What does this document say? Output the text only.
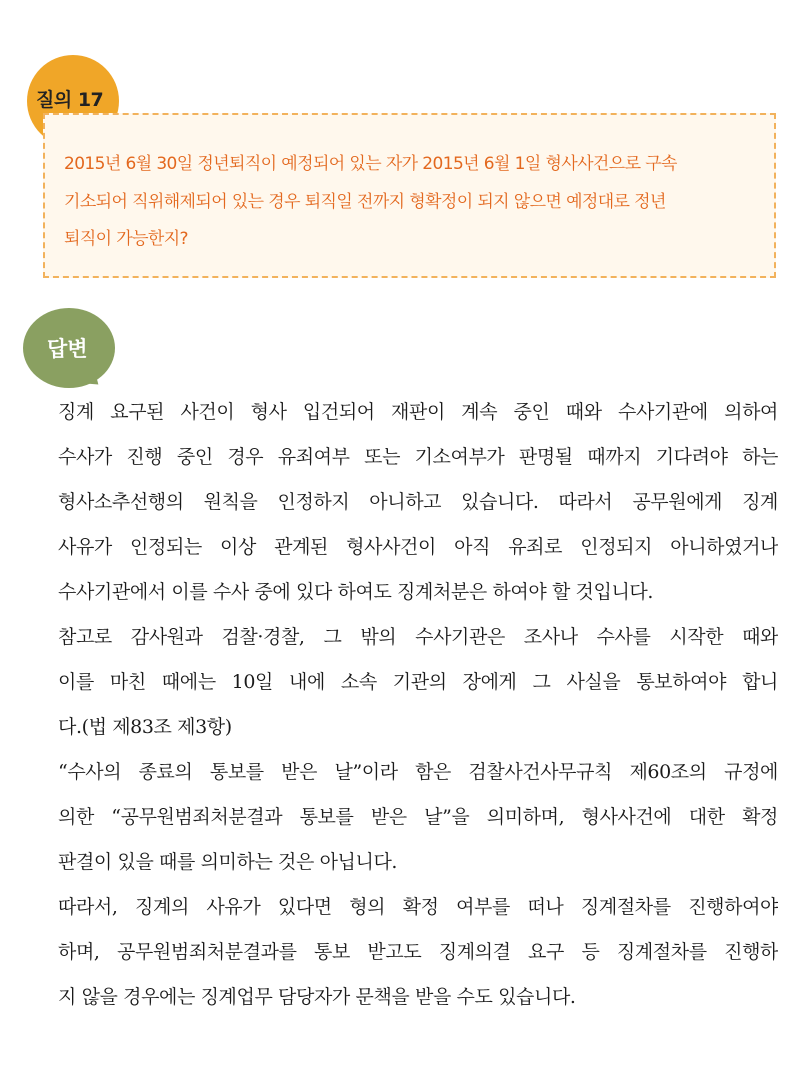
질의 17
2015년 6월 30일 정년퇴직이 예정되어 있는 자가 2015년 6월 1일 형사사건으로 구속
기소되어 직위해제되어 있는 경우 퇴직일 전까지 형확정이 되지 않으면 예정대로 정년
퇴직이 가능한지?
답변
징계 요구된 사건이 형사 입건되어 재판이 계속 중인 때와 수사기관에 의하여
수사가 진행 중인 경우 유죄여부 또는 기소여부가 판명될 때까지 기다려야 하는
형사소추선행의 원칙을 인정하지 아니하고 있습니다. 따라서 공무원에게 징계
사유가 인정되는 이상 관계된 형사사건이 아직 유죄로 인정되지 아니하였거나
수사기관에서 이를 수사 중에 있다 하여도 징계처분은 하여야 할 것입니다.
참고로 감사원과 검찰·경찰, 그 밖의 수사기관은 조사나 수사를 시작한 때와
이를 마친 때에는 10일 내에 소속 기관의 장에게 그 사실을 통보하여야 합니
다.(법 제83조 제3항)
“수사의 종료의 통보를 받은 날”이라 함은 검찰사건사무규칙 제60조의 규정에
의한 “공무원범죄처분결과 통보를 받은 날”을 의미하며, 형사사건에 대한 확정
판결이 있을 때를 의미하는 것은 아닙니다.
따라서, 징계의 사유가 있다면 형의 확정 여부를 떠나 징계절차를 진행하여야
하며, 공무원범죄처분결과를 통보 받고도 징계의결 요구 등 징계절차를 진행하
지 않을 경우에는 징계업무 담당자가 문책을 받을 수도 있습니다.
